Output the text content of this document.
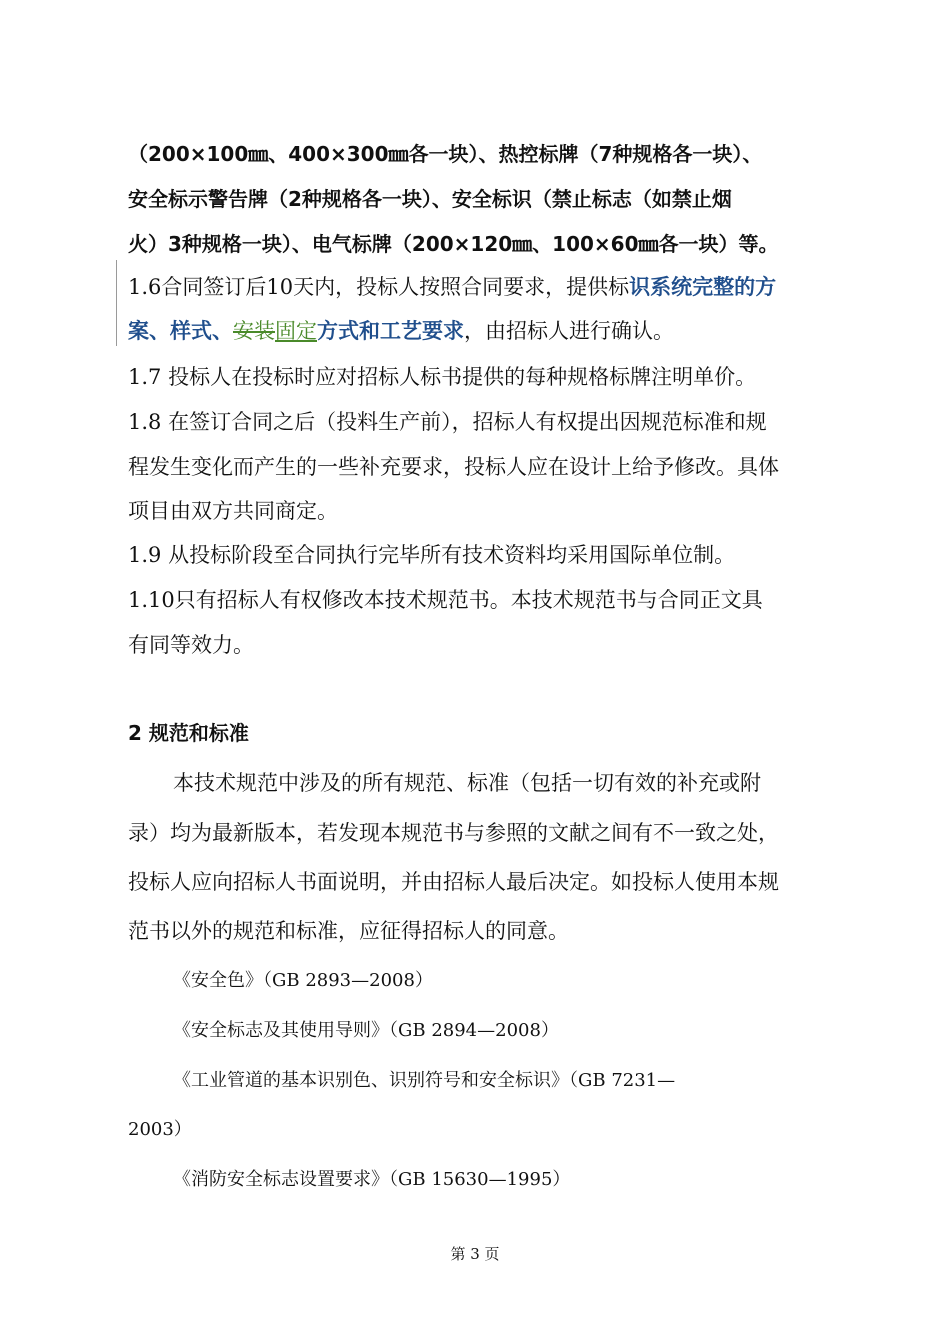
（200×100㎜、400×300㎜各一块）、热控标牌（7种规格各一块）、
安全标示警告牌（2种规格各一块）、安全标识（禁止标志（如禁止烟
火）3种规格一块）、电气标牌（200×120㎜、100×60㎜各一块）等。
1.6合同签订后10天内，投标人按照合同要求，提供标识系统完整的方
案、样式、安装固定方式和工艺要求，由招标人进行确认。
1.7 投标人在投标时应对招标人标书提供的每种规格标牌注明单价。
1.8 在签订合同之后（投料生产前），招标人有权提出因规范标准和规
程发生变化而产生的一些补充要求，投标人应在设计上给予修改。具体
项目由双方共同商定。
1.9 从投标阶段至合同执行完毕所有技术资料均采用国际单位制。
1.10只有招标人有权修改本技术规范书。本技术规范书与合同正文具
有同等效力。
2 规范和标准
本技术规范中涉及的所有规范、标准（包括一切有效的补充或附
录）均为最新版本，若发现本规范书与参照的文献之间有不一致之处，
投标人应向招标人书面说明，并由招标人最后决定。如投标人使用本规
范书以外的规范和标准，应征得招标人的同意。
《安全色》（GB 2893—2008）
《安全标志及其使用导则》（GB 2894—2008）
《工业管道的基本识别色、识别符号和安全标识》（GB 7231—
2003）
《消防安全标志设置要求》（GB 15630—1995）
第 3 页
